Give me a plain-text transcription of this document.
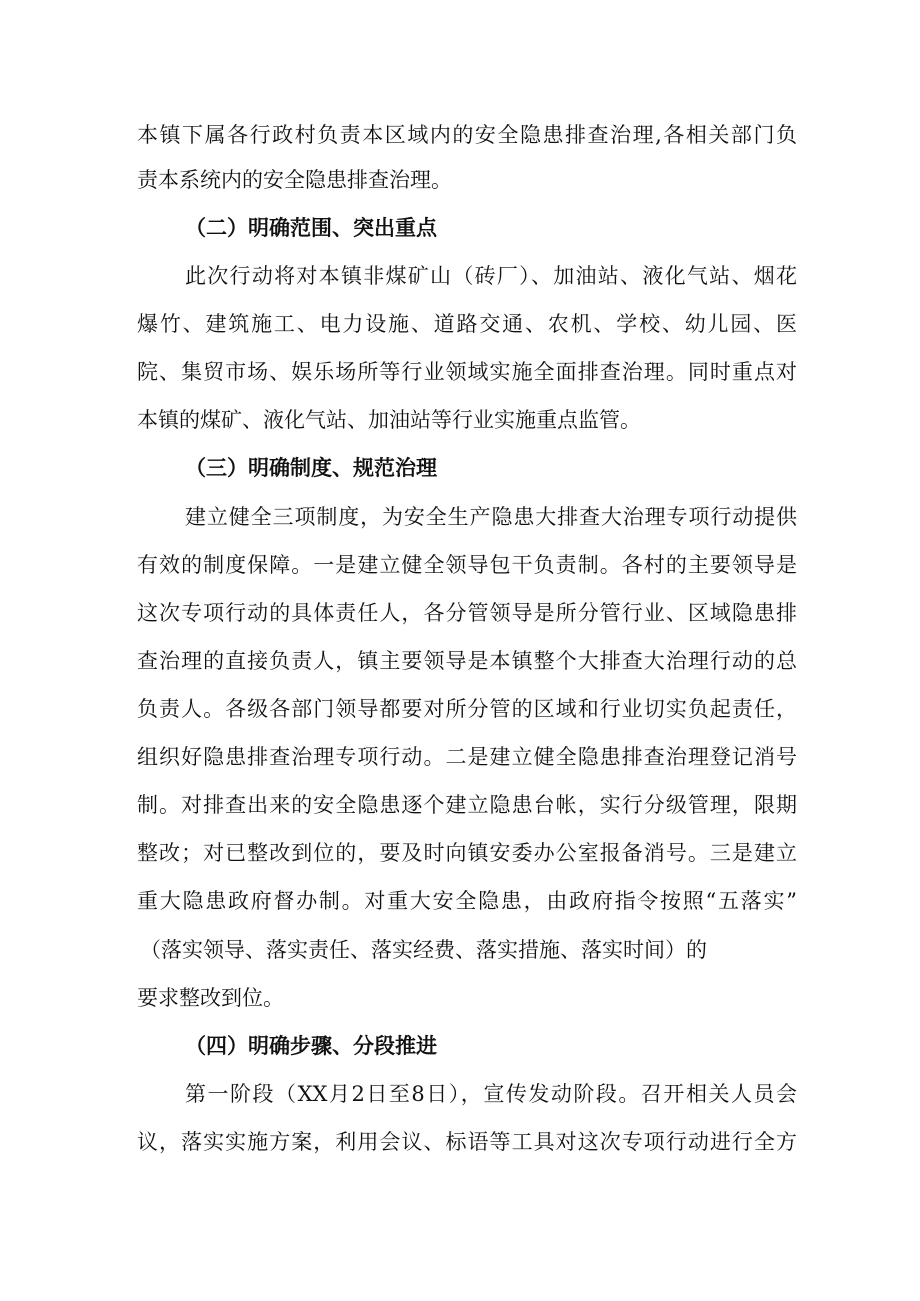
本镇下属各行政村负责本区域内的安全隐患排查治理,各相关部门负
责本系统内的安全隐患排查治理。
（二）明确范围、突出重点
此次行动将对本镇非煤矿山（砖厂）、加油站、液化气站、烟花
爆竹、建筑施工、电力设施、道路交通、农机、学校、幼儿园、医
院、集贸市场、娱乐场所等行业领域实施全面排查治理。同时重点对
本镇的煤矿、液化气站、加油站等行业实施重点监管。
（三）明确制度、规范治理
建立健全三项制度，为安全生产隐患大排查大治理专项行动提供
有效的制度保障。一是建立健全领导包干负责制。各村的主要领导是
这次专项行动的具体责任人，各分管领导是所分管行业、区域隐患排
查治理的直接负责人，镇主要领导是本镇整个大排查大治理行动的总
负责人。各级各部门领导都要对所分管的区域和行业切实负起责任，
组织好隐患排查治理专项行动。二是建立健全隐患排查治理登记消号
制。对排查出来的安全隐患逐个建立隐患台帐，实行分级管理，限期
整改；对已整改到位的，要及时向镇安委办公室报备消号。三是建立
重大隐患政府督办制。对重大安全隐患，由政府指令按照“五落实”
（落实领导、落实责任、落实经费、落实措施、落实时间）的
要求整改到位。
（四）明确步骤、分段推进
第一阶段（XX月2日至8日），宣传发动阶段。召开相关人员会
议，落实实施方案，利用会议、标语等工具对这次专项行动进行全方
